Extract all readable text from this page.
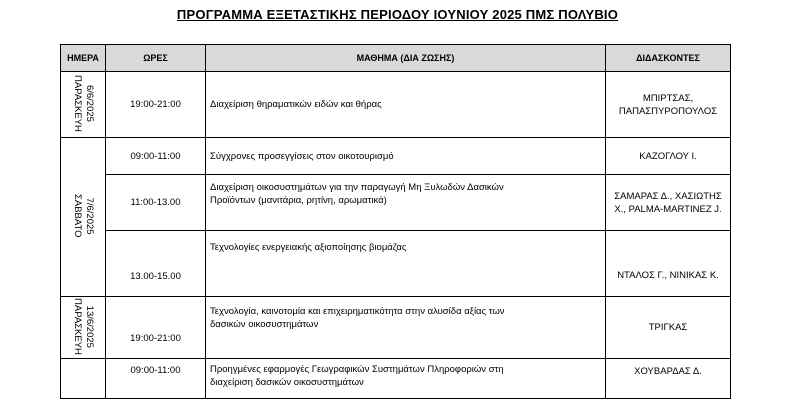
ΠΡΟΓΡΑΜΜΑ ΕΞΕΤΑΣΤΙΚΗΣ ΠΕΡΙΟΔΟΥ ΙΟΥΝΙΟΥ 2025 ΠΜΣ ΠΟΛΥΒΙΟ
ΗΜΕΡΑ	ΩΡΕΣ	ΜΑΘΗΜΑ (ΔΙΑ ΖΩΣΗΣ)	ΔΙΔΑΣΚΟΝΤΕΣ
ΠΑΡΑΣΚΕΥΗ
6/6/2025	19:00-21:00	Διαχείριση θηραματικών ειδών και θήρας	ΜΠΙΡΤΣΑΣ,
ΠΑΠΑΣΠΥΡΟΠΟΥΛΟΣ
ΣΑΒΒΑΤΟ
7/6/2025	09:00-11:00	Σύγχρονες προσεγγίσεις στον οικοτουρισμό	ΚΑΖΟΓΛΟΥ Ι.
	11:00-13.00	Διαχείριση οικοσυστημάτων για την παραγωγή Μη Ξυλωδών Δασικών
Προϊόντων (μανιτάρια, ρητίνη, αρωματικά)	ΣΑΜΑΡΑΣ Δ., ΧΑΣΙΩΤΗΣ
Χ., PALMA-MARTINEZ J.
	13.00-15.00	Τεχνολογίες ενεργειακής αξιοποίησης βιομάζας	ΝΤΑΛΟΣ Γ., ΝΙΝΙΚΑΣ Κ.
ΠΑΡΑΣΚΕΥΗ
13/6/2025	19:00-21:00	Τεχνολογία, καινοτομία και επιχειρηματικότητα στην αλυσίδα αξίας των
δασικών οικοσυστημάτων	ΤΡΙΓΚΑΣ

	09:00-11:00	Προηγμένες εφαρμογές Γεωγραφικών Συστημάτων Πληροφοριών στη
διαχείριση δασικών οικοσυστημάτων	ΧΟΥΒΑΡΔΑΣ Δ.
